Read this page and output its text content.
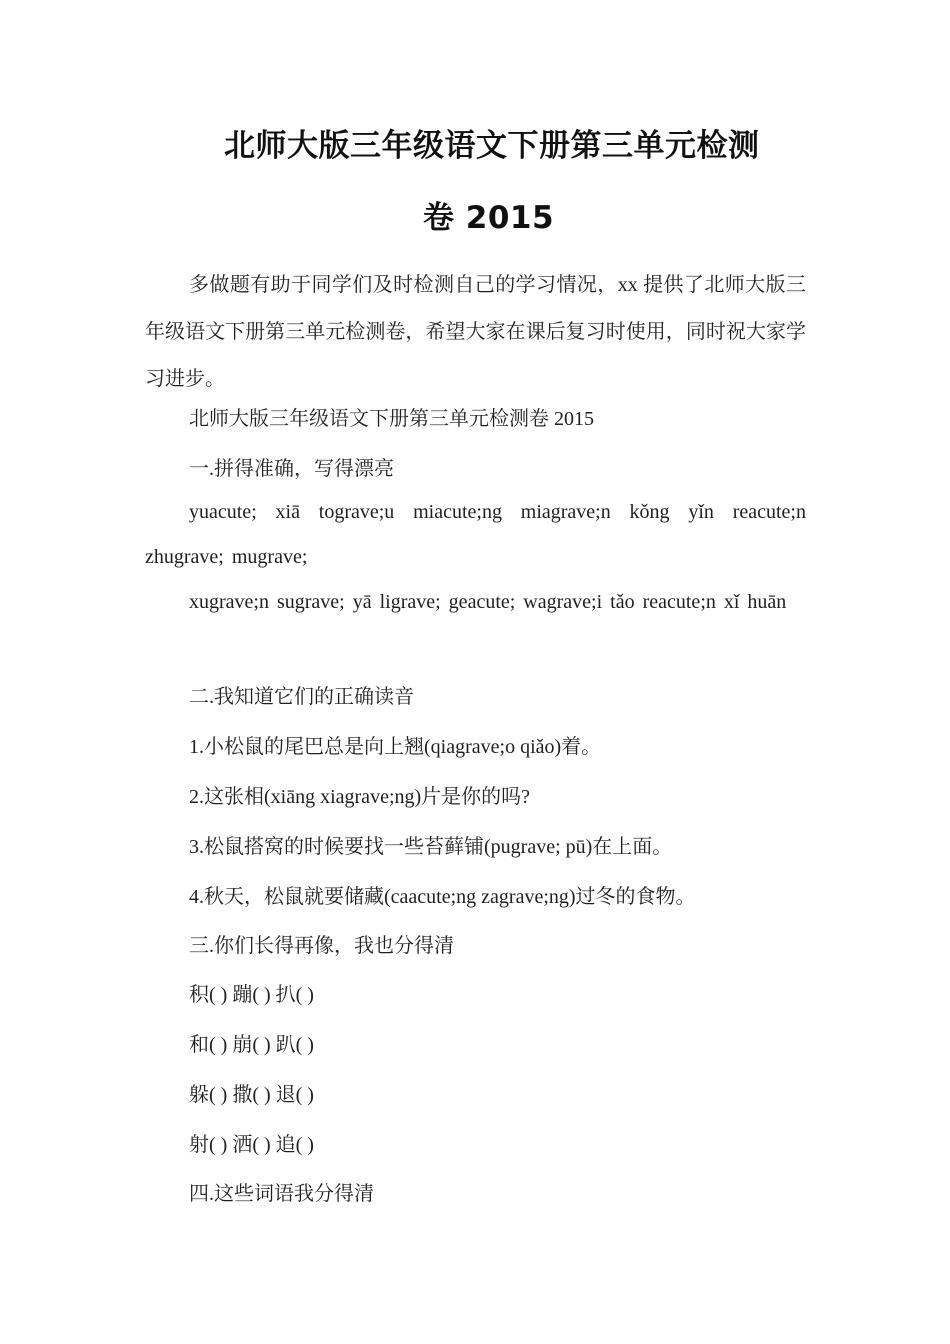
北师大版三年级语文下册第三单元检测
卷 2015
多做题有助于同学们及时检测自己的学习情况，xx 提供了北师大版三年级语文下册第三单元检测卷，希望大家在课后复习时使用，同时祝大家学习进步。
北师大版三年级语文下册第三单元检测卷 2015
一.拼得准确，写得漂亮
yuacute; xiā tograve;u miacute;ng miagrave;n kǒng yǐn reacute;n zhugrave; mugrave;
xugrave;n sugrave; yā ligrave; geacute; wagrave;i tǎo reacute;n xǐ huān
二.我知道它们的正确读音
1.小松鼠的尾巴总是向上翘(qiagrave;o qiǎo)着。
2.这张相(xiāng xiagrave;ng)片是你的吗?
3.松鼠搭窝的时候要找一些苔藓铺(pugrave; pū)在上面。
4.秋天，松鼠就要储藏(caacute;ng zagrave;ng)过冬的食物。
三.你们长得再像，我也分得清
积( ) 蹦( ) 扒( )
和( ) 崩( ) 趴( )
躲( ) 撒( ) 退( )
射( ) 洒( ) 追( )
四.这些词语我分得清
